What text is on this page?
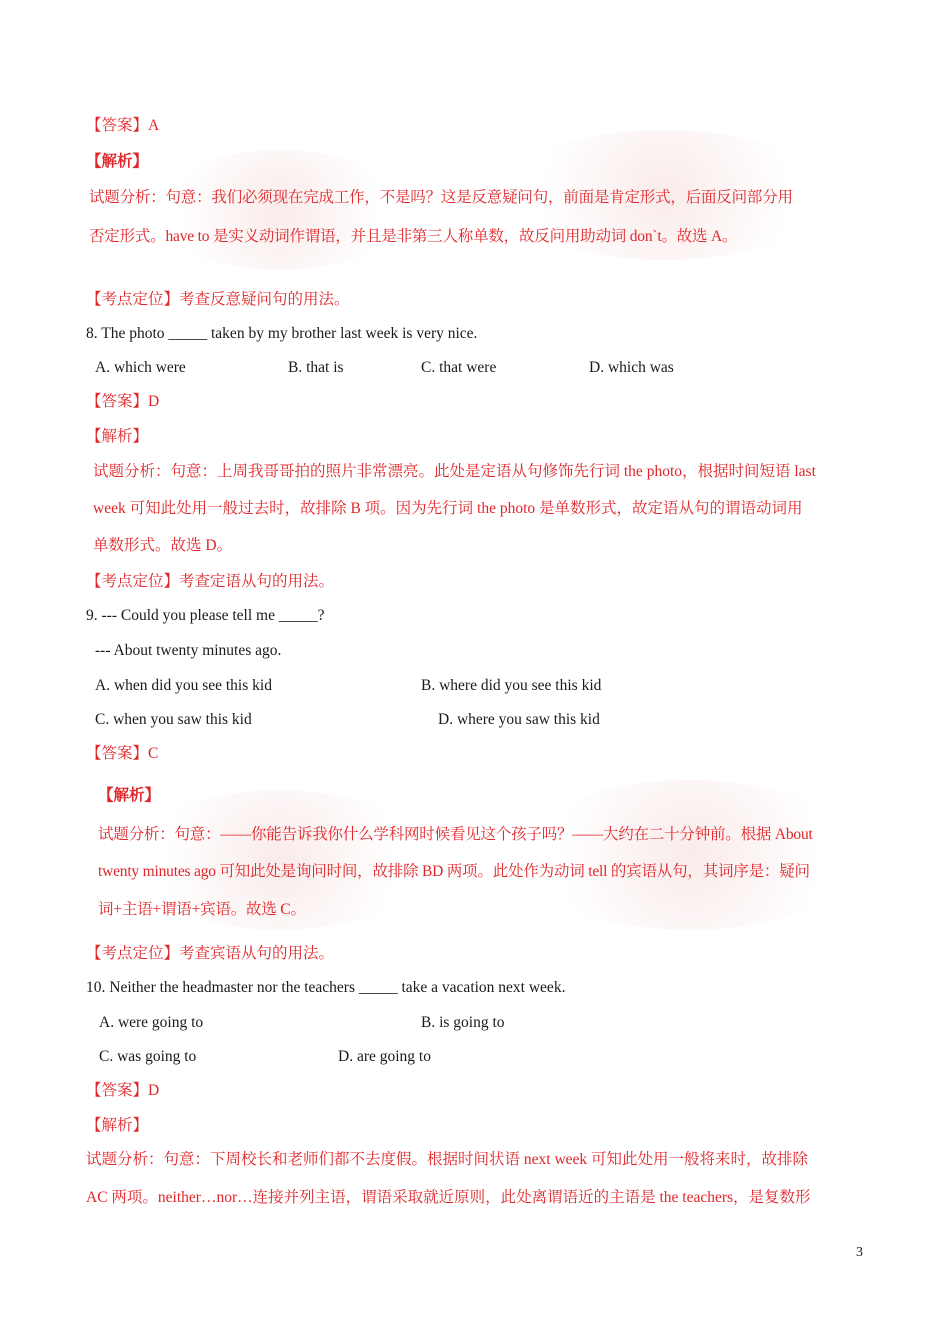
【答案】A
【解析】
试题分析：句意：我们必须现在完成工作，不是吗？这是反意疑问句，前面是肯定形式，后面反问部分用
否定形式。have to 是实义动词作谓语，并且是非第三人称单数，故反问用助动词 don`t。故选 A。
【考点定位】考查反意疑问句的用法。
8. The photo _____ taken by my brother last week is very nice.
A. which were	B. that is	C. that were	D. which was
【答案】D
【解析】
试题分析：句意：上周我哥哥拍的照片非常漂亮。此处是定语从句修饰先行词 the photo，根据时间短语 last
week 可知此处用一般过去时，故排除 B 项。因为先行词 the photo 是单数形式，故定语从句的谓语动词用
单数形式。故选 D。
【考点定位】考查定语从句的用法。
9. --- Could you please tell me _____?
--- About twenty minutes ago.
A. when did you see this kid	B. where did you see this kid
C. when you saw this kid	D. where you saw this kid
【答案】C
【解析】
试题分析：句意：——你能告诉我你什么学科网时候看见这个孩子吗？——大约在二十分钟前。根据 About
twenty minutes ago 可知此处是询问时间，故排除 BD 两项。此处作为动词 tell 的宾语从句，其词序是：疑问
词+主语+谓语+宾语。故选 C。
【考点定位】考查宾语从句的用法。
10. Neither the headmaster nor the teachers _____ take a vacation next week.
A. were going to	B. is going to
C. was going to	D. are going to
【答案】D
【解析】
试题分析：句意：下周校长和老师们都不去度假。根据时间状语 next week 可知此处用一般将来时，故排除
AC 两项。neither…nor…连接并列主语，谓语采取就近原则，此处离谓语近的主语是 the teachers，是复数形
3
